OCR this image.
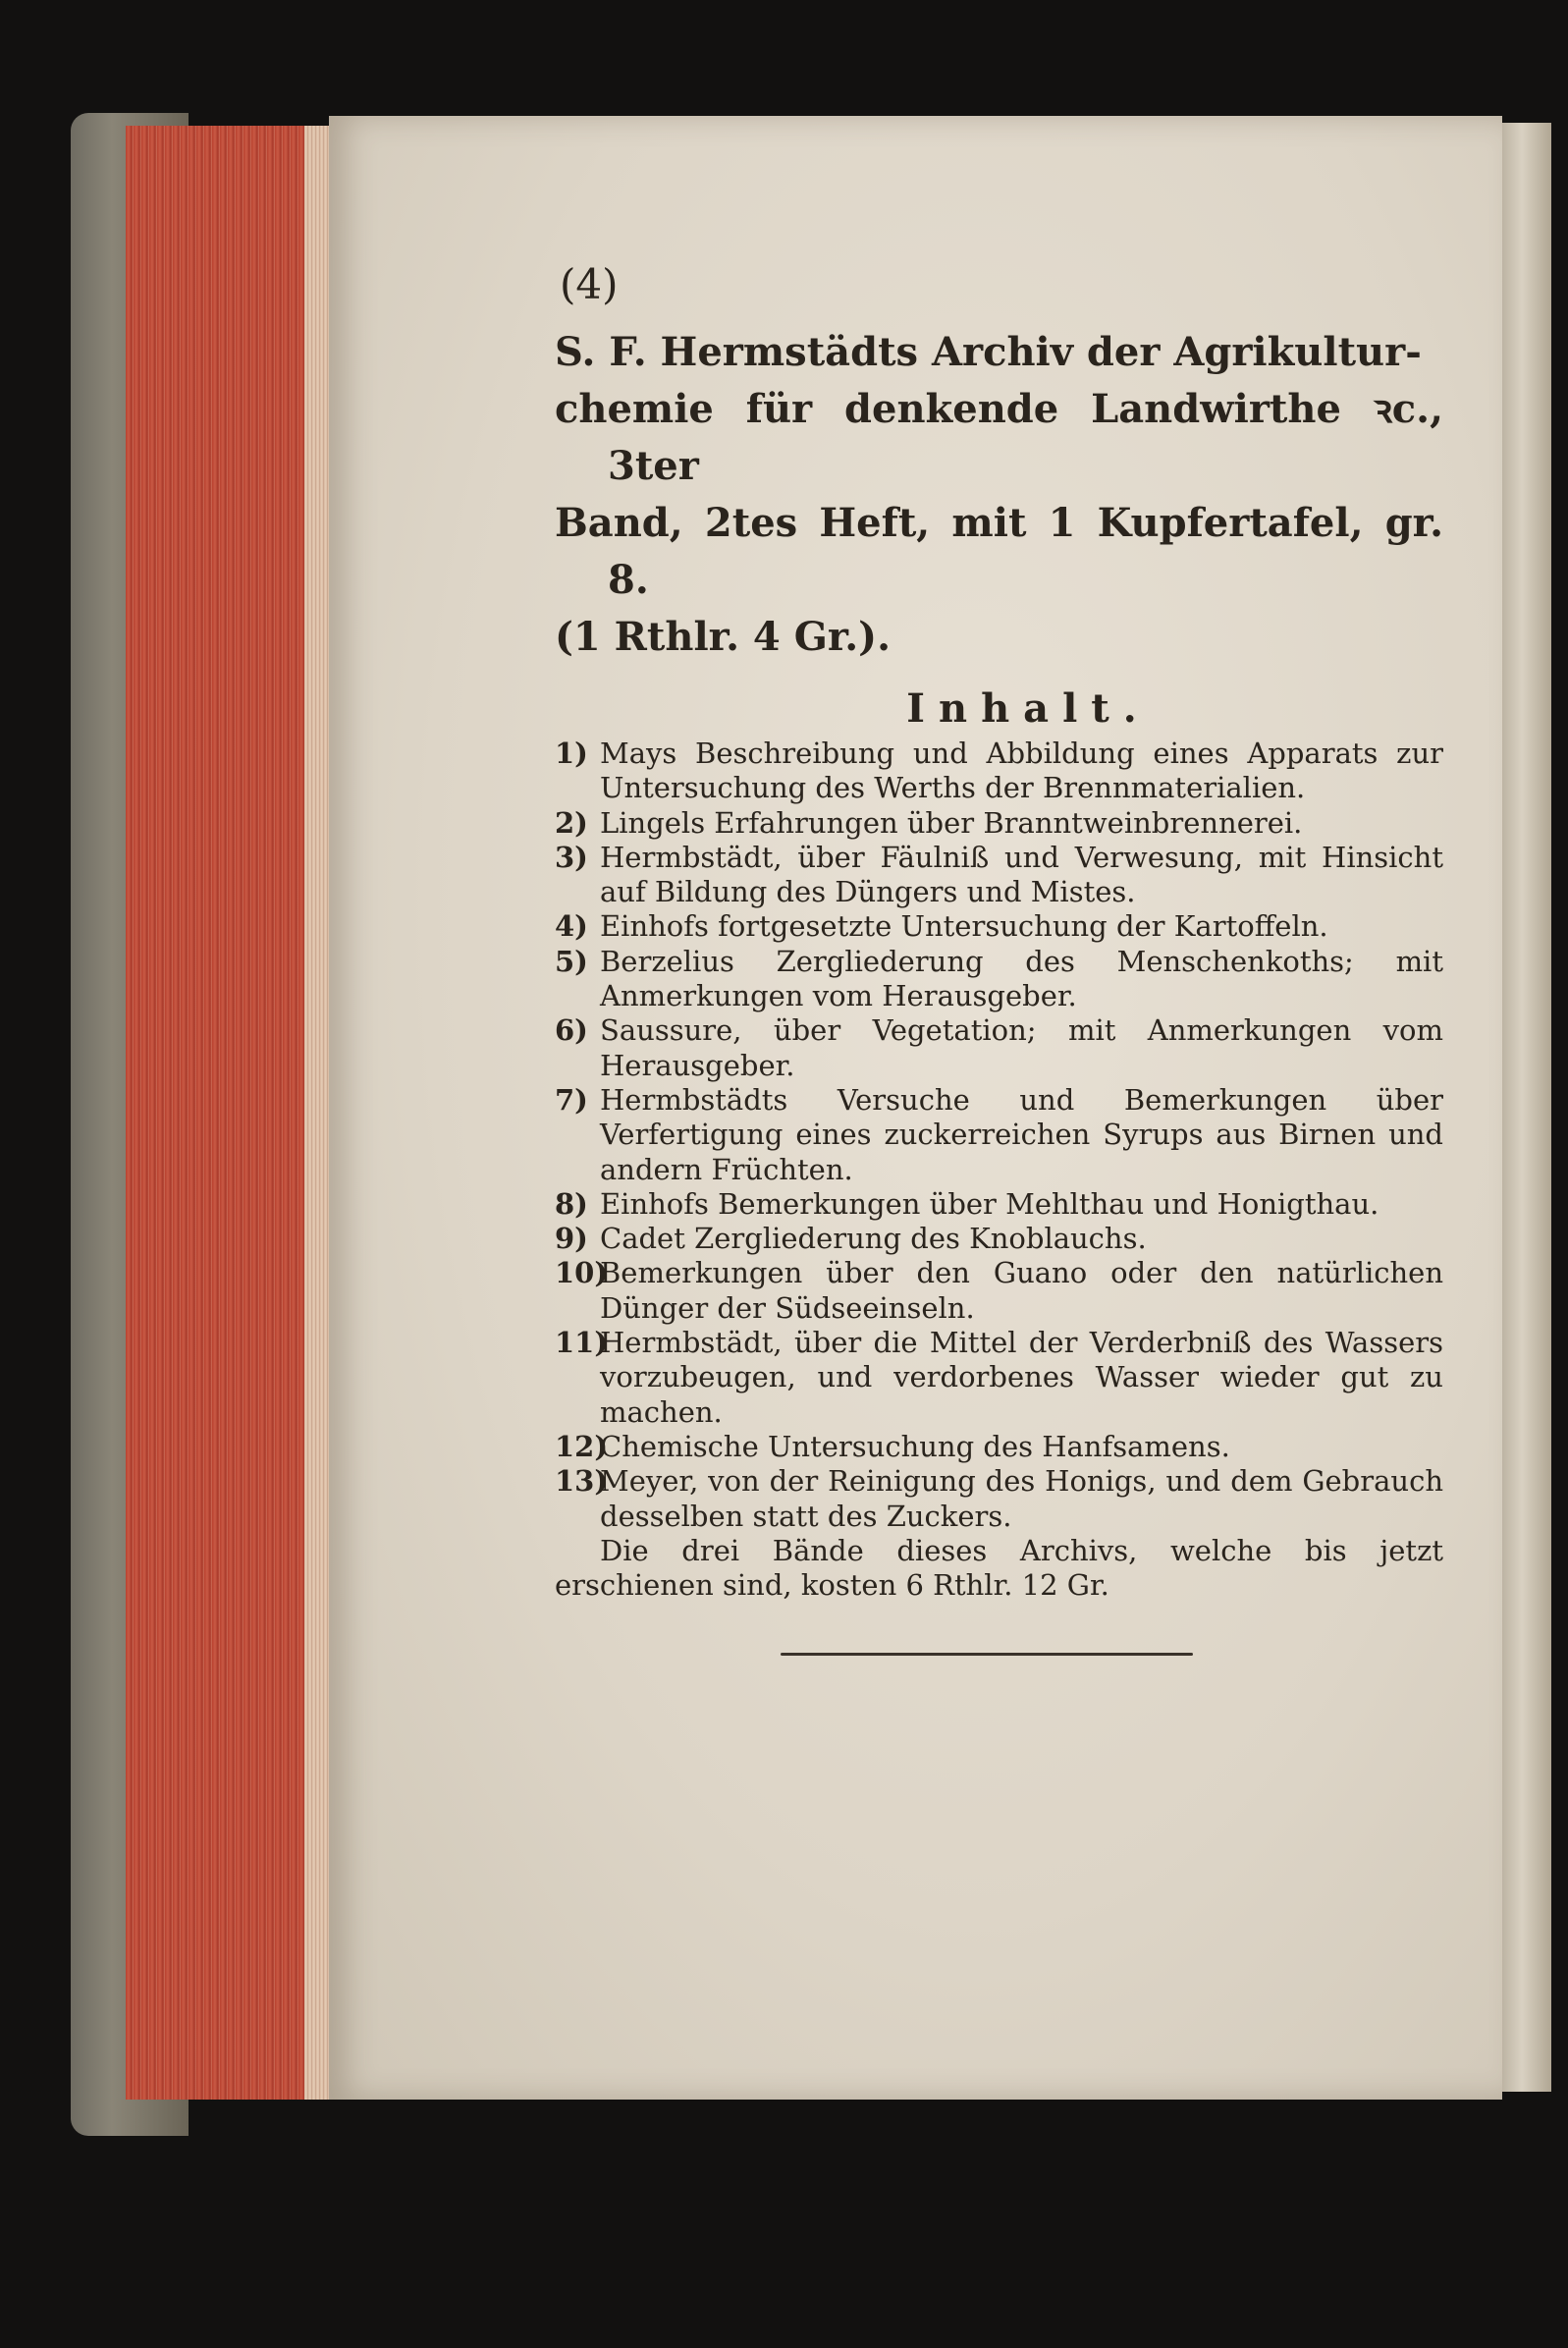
(4)
S. F. Hermstädts Archiv der Agrikultur-
chemie für denkende Landwirthe ꝛc., 3ter
Band, 2tes Heft, mit 1 Kupfertafel, gr. 8.
(1 Rthlr. 4 Gr.).
Inhalt.
1) Mays Beschreibung und Abbildung eines Apparats zur Untersuchung des Werths der Brennmaterialien.
2) Lingels Erfahrungen über Branntweinbrennerei.
3) Hermbstädt, über Fäulniß und Verwesung, mit Hinsicht auf Bildung des Düngers und Mistes.
4) Einhofs fortgesetzte Untersuchung der Kartoffeln.
5) Berzelius Zergliederung des Menschenkoths; mit Anmerkungen vom Herausgeber.
6) Saussure, über Vegetation; mit Anmerkungen vom Herausgeber.
7) Hermbstädts Versuche und Bemerkungen über Verfertigung eines zuckerreichen Syrups aus Birnen und andern Früchten.
8) Einhofs Bemerkungen über Mehlthau und Honigthau.
9) Cadet Zergliederung des Knoblauchs.
10)Bemerkungen über den Guano oder den natürlichen Dünger der Südseeinseln.
11)Hermbstädt, über die Mittel der Verderbniß des Wassers vorzubeugen, und verdorbenes Wasser wieder gut zu machen.
12)Chemische Untersuchung des Hanfsamens.
13)Meyer, von der Reinigung des Honigs, und dem Gebrauch desselben statt des Zuckers.
Die drei Bände dieses Archivs, welche bis jetzt erschienen sind, kosten 6 Rthlr. 12 Gr.
